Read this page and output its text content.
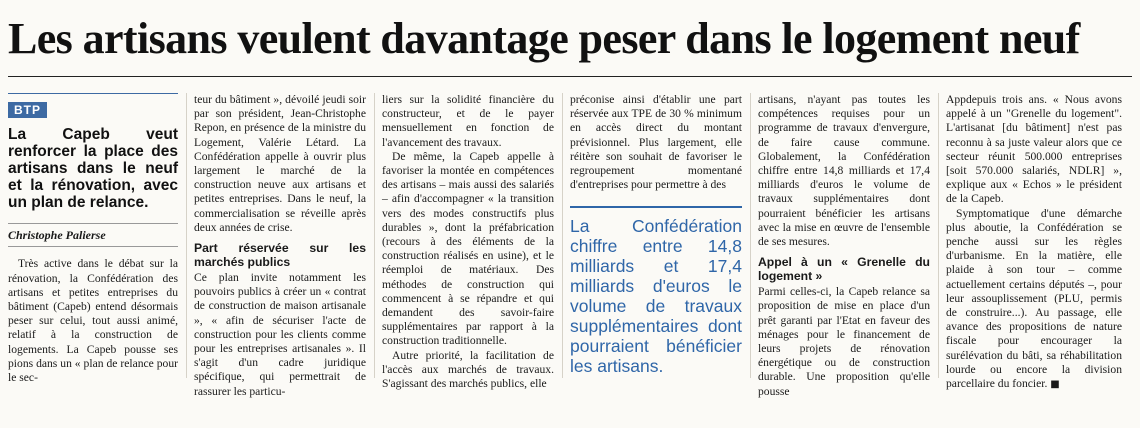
Les artisans veulent davantage peser dans le logement neuf
BTP
La Capeb veut renforcer la place des artisans dans le neuf et la rénovation, avec un plan de relance.
Christophe Palierse

Très active dans le débat sur la rénovation, la Confédération des artisans et petites entreprises du bâtiment (Capeb) entend désormais peser sur celui, tout aussi animé, relatif à la construction de logements. La Capeb pousse ses pions dans un « plan de relance pour le sec-

teur du bâtiment », dévoilé jeudi soir par son président, Jean-Christophe Repon, en présence de la ministre du Logement, Valérie Létard. La Confédération appelle à ouvrir plus largement le marché de la construction neuve aux artisans et petites entreprises. Dans le neuf, la commercialisation se réveille après deux années de crise.

Part réservée sur les marchés publics

Ce plan invite notamment les pouvoirs publics à créer un « contrat de construction de maison artisanale », « afin de sécuriser l'acte de construction pour les clients comme pour les entreprises artisanales ». Il s'agit d'un cadre juridique spécifique, qui permettrait de rassurer les particu-

liers sur la solidité financière du constructeur, et de le payer mensuellement en fonction de l'avancement des travaux.

De même, la Capeb appelle à favoriser la montée en compétences des artisans – mais aussi des salariés – afin d'accompagner « la transition vers des modes constructifs plus durables », dont la préfabrication (recours à des éléments de la construction réalisés en usine), et le réemploi de matériaux. Des méthodes de construction qui commencent à se répandre et qui demandent des savoir-faire supplémentaires par rapport à la construction traditionnelle.

Autre priorité, la facilitation de l'accès aux marchés de travaux. S'agissant des marchés publics, elle

préconise ainsi d'établir une part réservée aux TPE de 30 % minimum en accès direct du montant prévisionnel. Plus largement, elle réitère son souhait de favoriser le regroupement momentané d'entreprises pour permettre à des

La Confédération chiffre entre 14,8 milliards et 17,4 milliards d'euros le volume de travaux supplémentaires dont pourraient bénéficier les artisans.

artisans, n'ayant pas toutes les compétences requises pour un programme de travaux d'envergure, de faire cause commune. Globalement, la Confédération chiffre entre 14,8 milliards et 17,4 milliards d'euros le volume de travaux supplémentaires dont pourraient bénéficier les artisans avec la mise en œuvre de l'ensemble de ses mesures.

Appel à un « Grenelle du logement »

Parmi celles-ci, la Capeb relance sa proposition de mise en place d'un prêt garanti par l'Etat en faveur des ménages pour le financement de leurs projets de rénovation énergétique ou de construction durable. Une proposition qu'elle pousse

Appdepuis trois ans. « Nous avons appelé à un "Grenelle du logement". L'artisanat [du bâtiment] n'est pas reconnu à sa juste valeur alors que ce secteur réunit 500.000 entreprises [soit 570.000 salariés, NDLR] », explique aux « Echos » le président de la Capeb.

Symptomatique d'une démarche plus aboutie, la Confédération se penche aussi sur les règles d'urbanisme. En la matière, elle plaide à son tour – comme actuellement certains députés –, pour leur assouplissement (PLU, permis de construire...). Au passage, elle avance des propositions de nature fiscale pour encourager la surélévation du bâti, sa réhabilitation lourde ou encore la division parcellaire du foncier. ■
